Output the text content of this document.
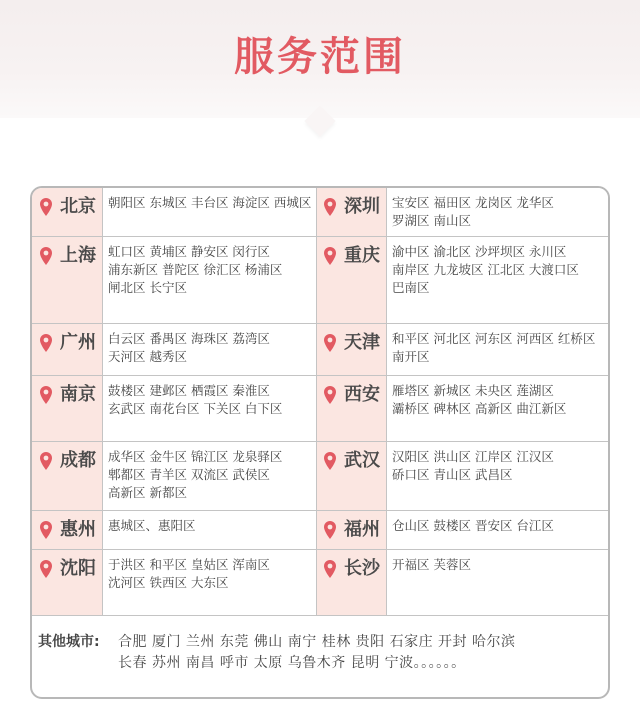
服务范围
北京 朝阳区 东城区 丰台区 海淀区 西城区 深圳 宝安区 福田区 龙岗区 龙华区
罗湖区 南山区
上海 虹口区 黄埔区 静安区 闵行区
浦东新区 普陀区 徐汇区 杨浦区
闸北区 长宁区
重庆 渝中区 渝北区 沙坪坝区 永川区
南岸区 九龙坡区 江北区 大渡口区
巴南区
广州 白云区 番禺区 海珠区 荔湾区
天河区 越秀区
天津 和平区 河北区 河东区 河西区 红桥区
南开区
南京 鼓楼区 建邺区 栖霞区 秦淮区
玄武区 南花台区 下关区 白下区
西安 雁塔区 新城区 未央区 莲湖区
灞桥区 碑林区 高新区 曲江新区
成都 成华区 金牛区 锦江区 龙泉驿区
郫都区 青羊区 双流区 武侯区
高新区 新都区
武汉 汉阳区 洪山区 江岸区 江汉区
硚口区 青山区 武昌区
惠州 惠城区、惠阳区	福州 仓山区 鼓楼区 晋安区 台江区
沈阳 于洪区 和平区 皇姑区 浑南区
沈河区 铁西区 大东区
长沙 开福区 芙蓉区
其他城市: 合肥 厦门 兰州 东莞 佛山 南宁 桂林 贵阳 石家庄 开封 哈尔滨
长春 苏州 南昌 呼市 太原 乌鲁木齐 昆明 宁波。。。。。。
